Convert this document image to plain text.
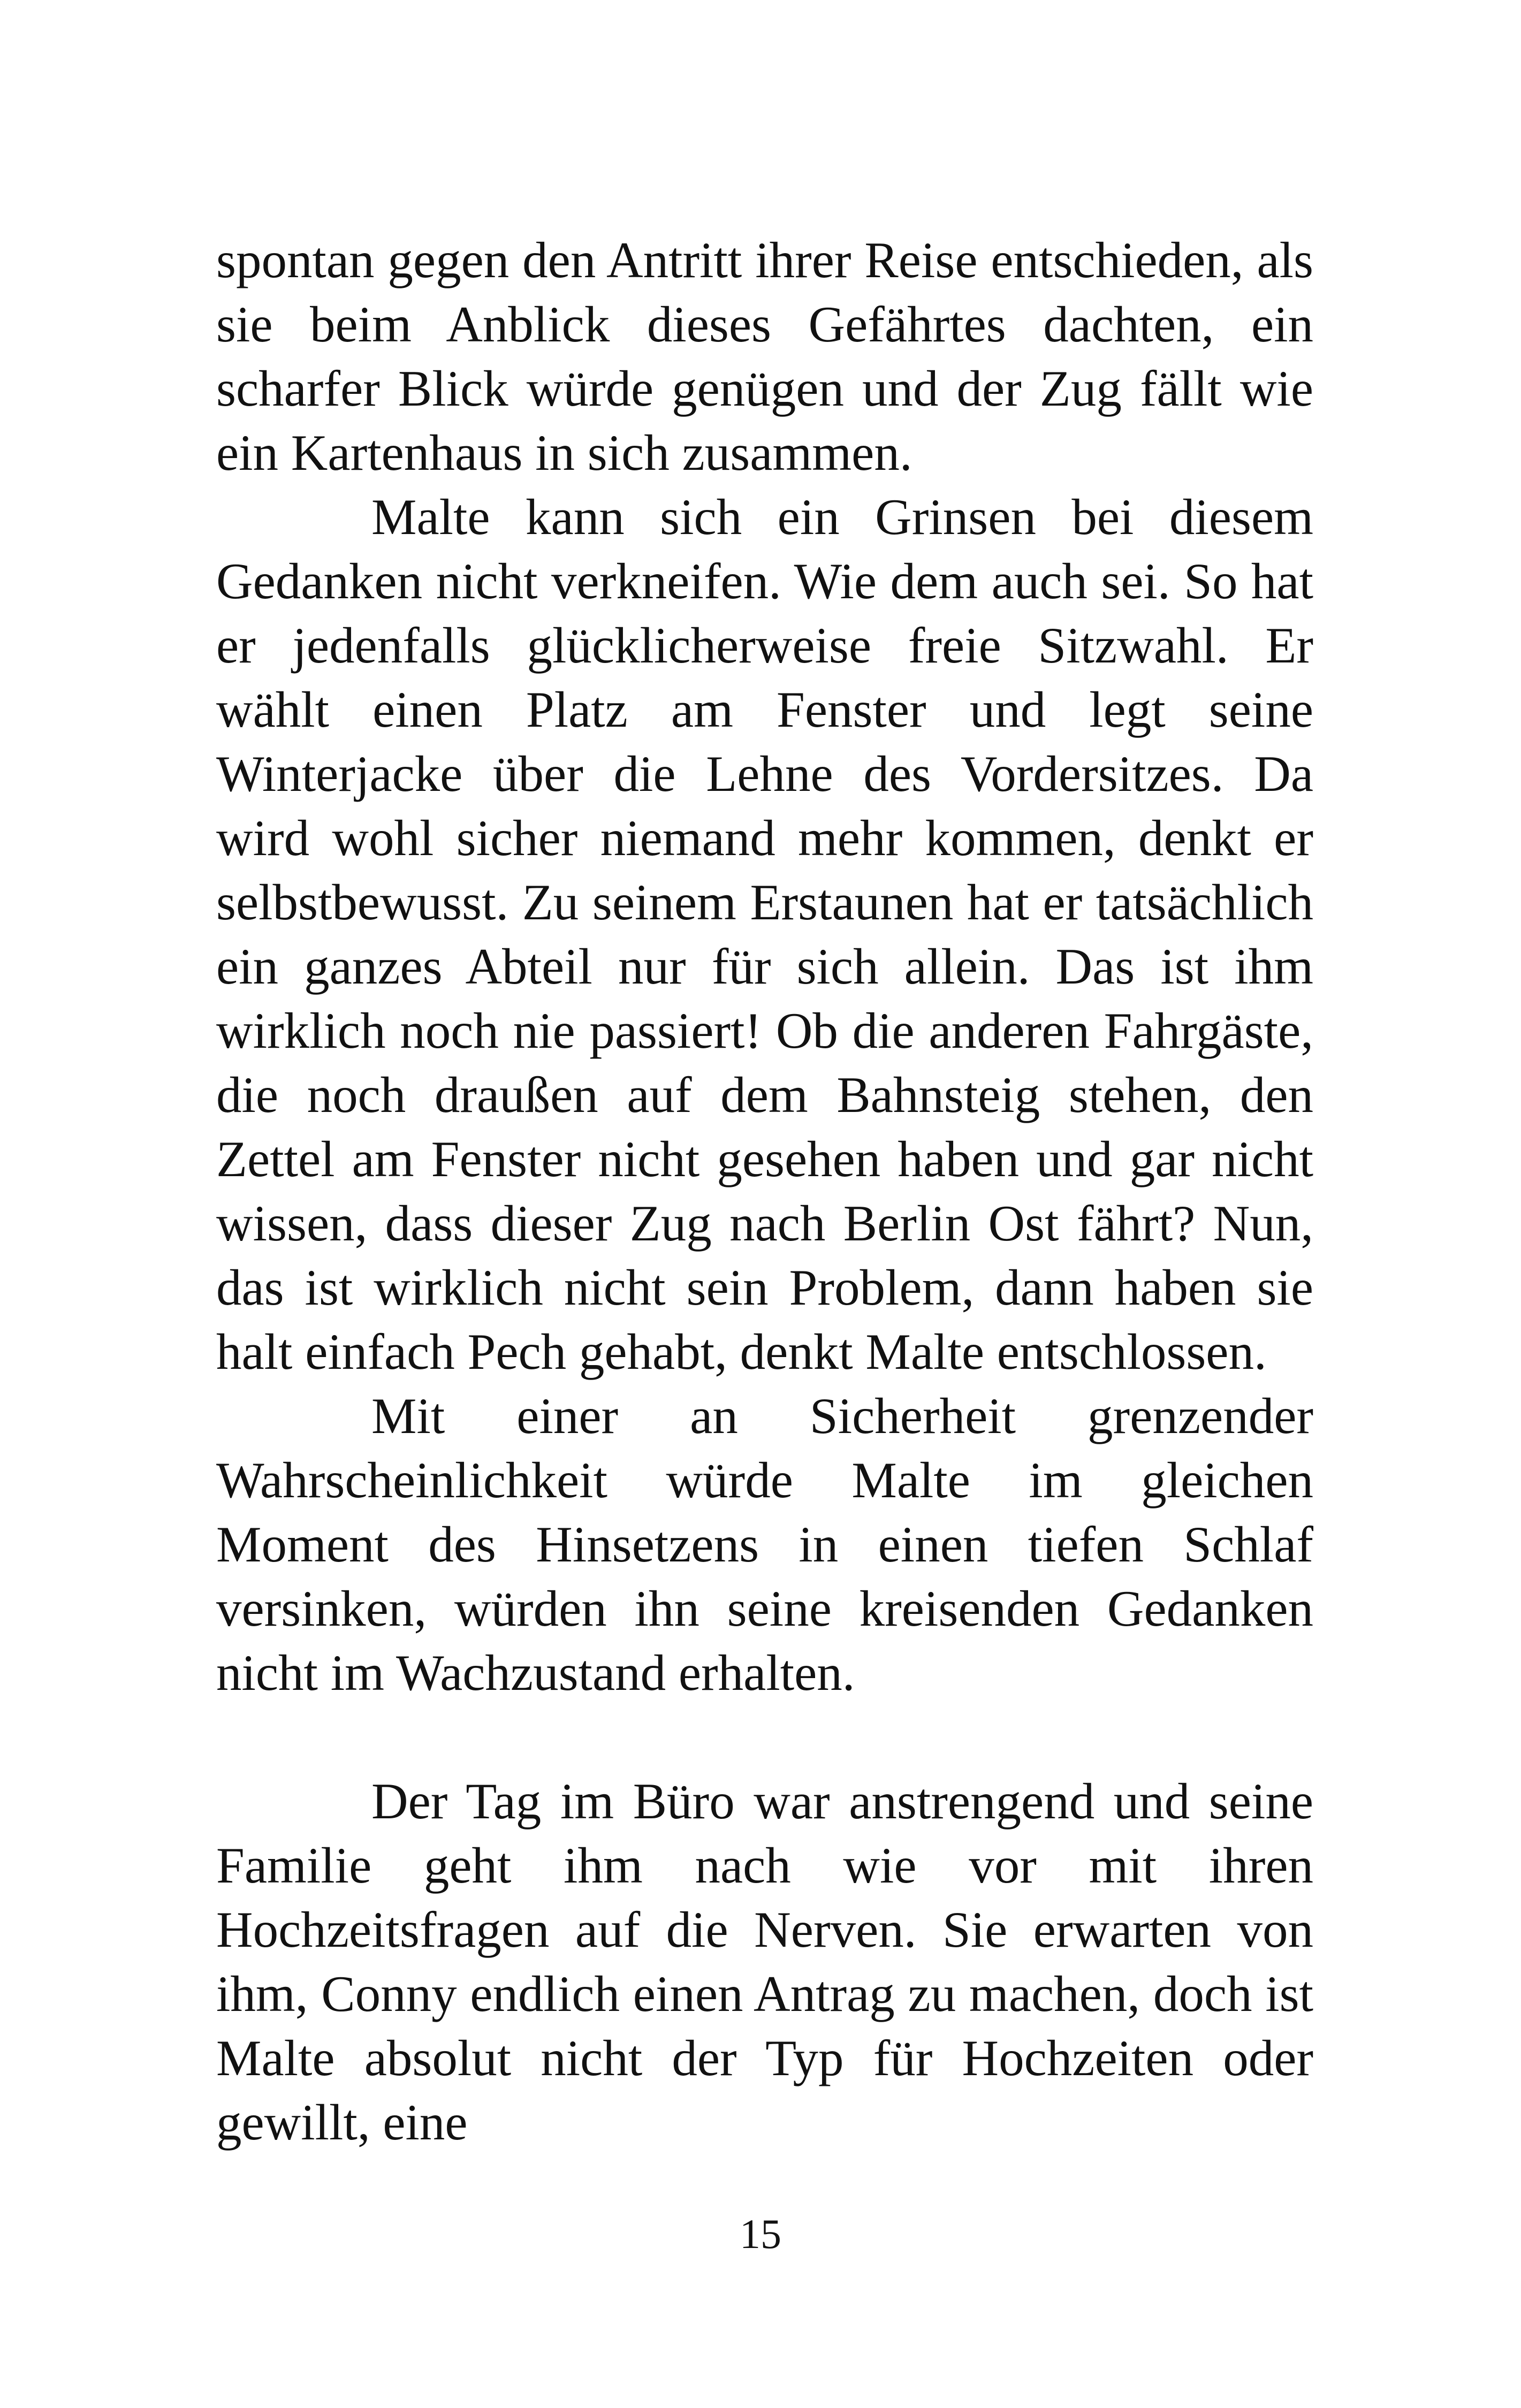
spontan gegen den Antritt ihrer Reise entschieden, als sie beim Anblick dieses Gefährtes dachten, ein scharfer Blick würde genügen und der Zug fällt wie ein Kartenhaus in sich zusammen.

Malte kann sich ein Grinsen bei diesem Gedanken nicht verkneifen. Wie dem auch sei. So hat er jedenfalls glücklicherweise freie Sitzwahl. Er wählt einen Platz am Fenster und legt seine Winterjacke über die Lehne des Vordersitzes. Da wird wohl sicher niemand mehr kommen, denkt er selbstbewusst. Zu seinem Erstaunen hat er tatsächlich ein ganzes Abteil nur für sich allein. Das ist ihm wirklich noch nie passiert! Ob die anderen Fahrgäste, die noch draußen auf dem Bahnsteig stehen, den Zettel am Fenster nicht gesehen haben und gar nicht wissen, dass dieser Zug nach Berlin Ost fährt? Nun, das ist wirklich nicht sein Problem, dann haben sie halt einfach Pech gehabt, denkt Malte entschlossen.

Mit einer an Sicherheit grenzender Wahrscheinlichkeit würde Malte im gleichen Moment des Hinsetzens in einen tiefen Schlaf versinken, würden ihn seine kreisenden Gedanken nicht im Wachzustand erhalten.

Der Tag im Büro war anstrengend und seine Familie geht ihm nach wie vor mit ihren Hochzeitsfragen auf die Nerven. Sie erwarten von ihm, Conny endlich einen Antrag zu machen, doch ist Malte absolut nicht der Typ für Hochzeiten oder gewillt, eine

15
